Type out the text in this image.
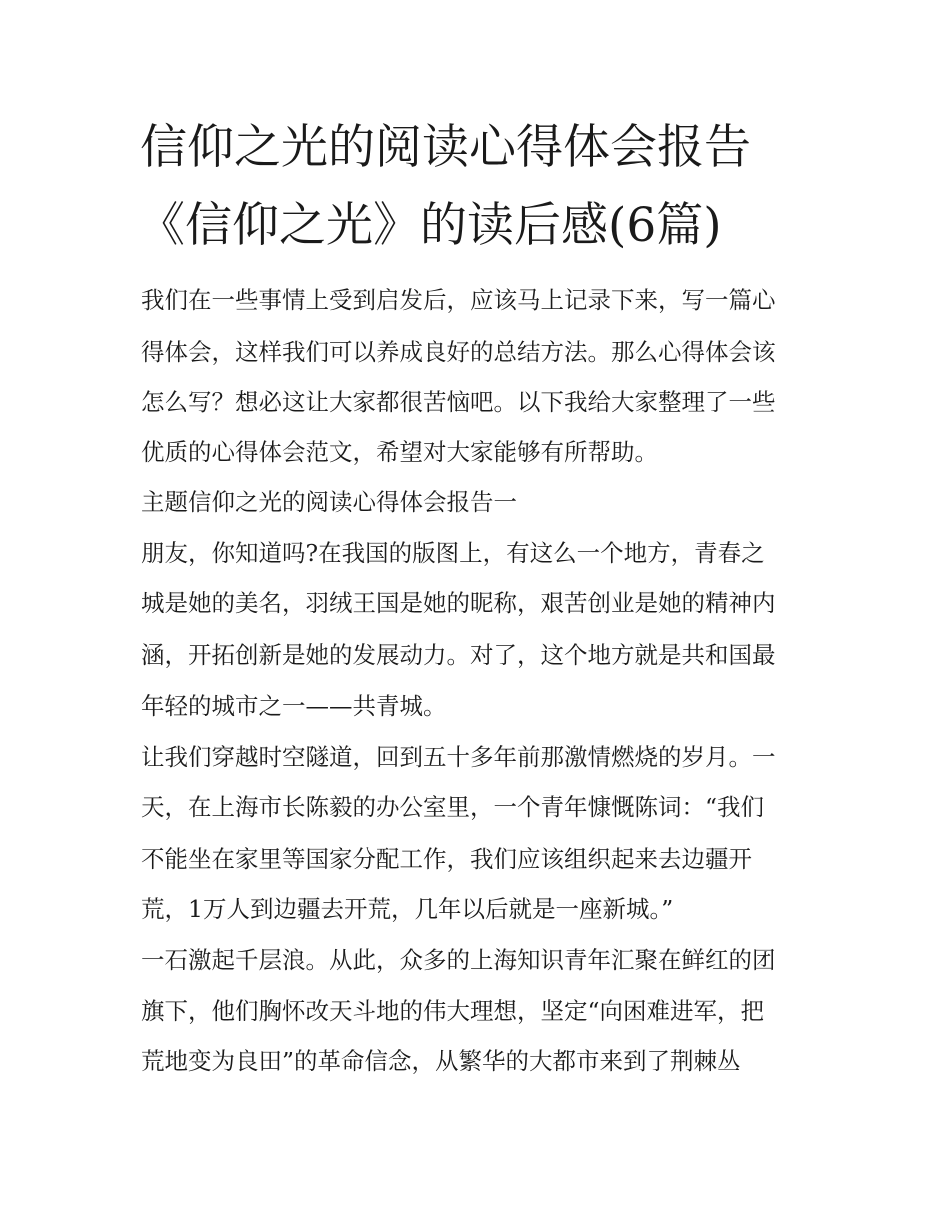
信仰之光的阅读心得体会报告
《信仰之光》的读后感(6篇)
我们在一些事情上受到启发后，应该马上记录下来，写一篇心
得体会，这样我们可以养成良好的总结方法。那么心得体会该
怎么写？想必这让大家都很苦恼吧。以下我给大家整理了一些
优质的心得体会范文，希望对大家能够有所帮助。
主题信仰之光的阅读心得体会报告一
朋友，你知道吗?在我国的版图上，有这么一个地方，青春之
城是她的美名，羽绒王国是她的昵称，艰苦创业是她的精神内
涵，开拓创新是她的发展动力。对了，这个地方就是共和国最
年轻的城市之一——共青城。
让我们穿越时空隧道，回到五十多年前那激情燃烧的岁月。一
天，在上海市长陈毅的办公室里，一个青年慷慨陈词：“我们
不能坐在家里等国家分配工作，我们应该组织起来去边疆开
荒，1万人到边疆去开荒，几年以后就是一座新城。”
一石激起千层浪。从此，众多的上海知识青年汇聚在鲜红的团
旗下，他们胸怀改天斗地的伟大理想，坚定“向困难进军，把
荒地变为良田”的革命信念，从繁华的大都市来到了荆棘丛
